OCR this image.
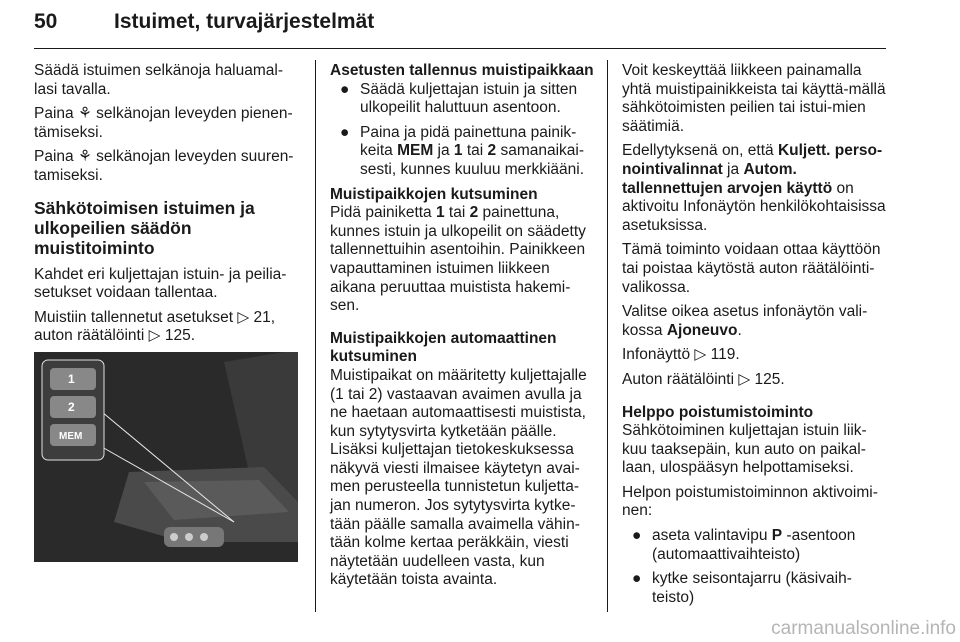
50	Istuimet, turvajärjestelmät

Säädä istuimen selkänoja haluamal-lasi tavalla.

Paina ⚘ selkänojan leveyden pienen-tämiseksi.

Paina ⚘ selkänojan leveyden suuren-tamiseksi.

Sähkötoimisen istuimen ja ulkopeilien säädön muistitoiminto

Kahdet eri kuljettajan istuin- ja peilia-setukset voidaan tallentaa.

Muistiin tallennetut asetukset ▷ 21, auton räätälöinti ▷ 125.

1
2
MEM
Asetusten tallennus muistipaikkaan
● Säädä kuljettajan istuin ja sitten ulkopeilit haluttuun asentoon.
● Paina ja pidä painettuna painik-keita MEM ja 1 tai 2 samanaikai-sesti, kunnes kuuluu merkkiääni.
Muistipaikkojen kutsuminen

Pidä painiketta 1 tai 2 painettuna, kunnes istuin ja ulkopeilit on säädetty tallennettuihin asentoihin. Painikkeen vapauttaminen istuimen liikkeen aikana peruuttaa muistista hakemi-sen.

Muistipaikkojen automaattinen kutsuminen

Muistipaikat on määritetty kuljettajalle (1 tai 2) vastaavan avaimen avulla ja ne haetaan automaattisesti muistista, kun sytytysvirta kytketään päälle. Lisäksi kuljettajan tietokeskuksessa näkyvä viesti ilmaisee käytetyn avai-men perusteella tunnistetun kuljetta-jan numeron. Jos sytytysvirta kytke-tään päälle samalla avaimella vähin-tään kolme kertaa peräkkäin, viesti näytetään uudelleen vasta, kun käytetään toista avainta.

Voit keskeyttää liikkeen painamalla yhtä muistipainikkeista tai käyttä-mällä sähkötoimisten peilien tai istui-mien säätimiä.

Edellytyksenä on, että Kuljett. perso-nointivalinnat ja Autom. tallennettujen arvojen käyttö on aktivoitu Infonäytön henkilökohtaisissa asetuksissa.

Tämä toiminto voidaan ottaa käyttöön tai poistaa käytöstä auton räätälöinti-valikossa.

Valitse oikea asetus infonäytön vali-kossa Ajoneuvo.

Infonäyttö ▷ 119.

Auton räätälöinti ▷ 125.

Helppo poistumistoiminto

Sähkötoiminen kuljettajan istuin liik-kuu taaksepäin, kun auto on paikal-laan, ulospääsyn helpottamiseksi.

Helpon poistumistoiminnon aktivoimi-nen:

● aseta valintavipu P -asentoon (automaattivaihteisto)
● kytke seisontajarru (käsivaih-teisto)
carmanualsonline.info
